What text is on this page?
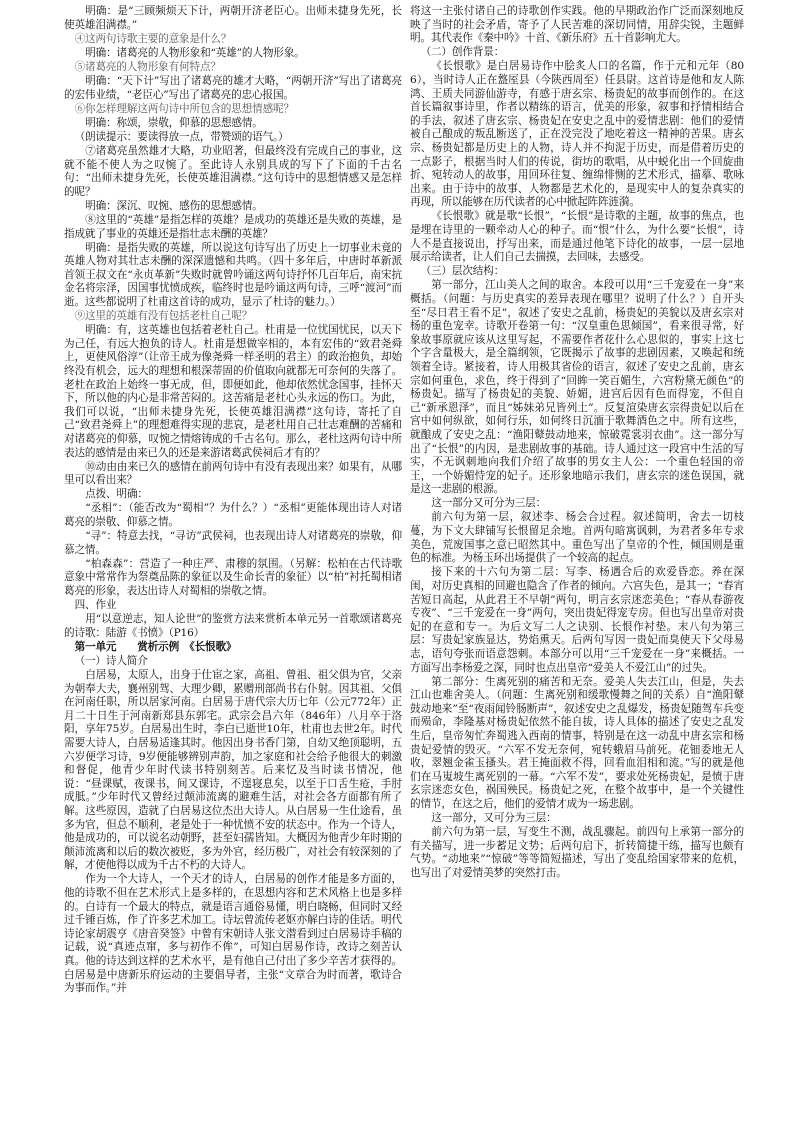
明确：是“三顾频烦天下计，两朝开济老臣心。出师未捷身先死，长使英雄泪满襟。”

④这两句诗歌主要的意象是什么？

明确：诸葛亮的人物形象和“英雄”的人物形象。

⑤诸葛亮的人物形象有何特点？

明确：“天下计”写出了诸葛亮的雄才大略，“两朝开济”写出了诸葛亮的宏伟业绩，“老臣心”写出了诸葛亮的忠心报国。

⑥你怎样理解这两句诗中所包含的思想情感呢？

明确：称颂，崇敬，仰慕的思想感情。

（朗读提示：要读得放一点，带赞颂的语气。）

⑦诸葛亮虽然雄才大略，功业昭著，但最终没有完成自己的事业，这就不能不使人为之叹惋了。至此诗人永别具成的写下了下面的千古名句：“出师未捷身先死，长使英雄泪满襟。”这句诗中的思想情感又是怎样的呢？

明确：深沉、叹惋、感伤的思想感情。

⑧这里的“英雄”是指怎样的英雄？是成功的英雄还是失败的英雄，是指成就了事业的英雄还是指壮志未酬的英雄？

明确：是指失败的英雄，所以说这句诗写出了历史上一切事业未竟的英雄人物对其壮志未酬的深深遗憾和共鸣。（四十多年后，中唐时革新派首领王叔文在“永贞革新”失败时就曾吟诵这两句诗抒怀几百年后，南宋抗金名将宗泽，因国事忧愤成疾，临终时也是吟诵这两句诗，三呼“渡河”而逝。这些都说明了杜甫这首诗的成功，显示了杜诗的魅力。）

⑨这里的英雄有没有包括老杜自己呢？

明确：有，这英雄也包括着老杜自己。杜甫是一位忧国忧民，以天下为己任，有远大抱负的诗人。杜甫是想做宰相的，本有宏伟的“致君尧舜上，更使风俗淳”（让帝王成为像尧舜一样圣明的君主）的政治抱负，却始终没有机会，远大的理想和根深蒂固的价值取向就都无可奈何的失落了。老杜在政治上始终一事无成，但，即便如此，他却依然忧念国事，挂怀天下，所以他的内心是非常苦闷的。这苦痛是老杜心头永远的伤口。为此，我们可以说，“出师未捷身先死，长使英雄泪满襟”这句诗，寄托了自己“致君尧舜上”的理想难得实现的悲哀，是老杜用自己壮志难酬的苦痛和对诸葛亮的仰慕，叹惋之情熔铸成的千古名句。那么，老杜这两句诗中所表达的感情是由来已久的还是来游诸葛武侯祠后才有的？

⑩动由由来已久的感情在前两句诗中有没有表现出来？如果有，从哪里可以看出来？

点拨、明确：

“丞相”：（能否改为“蜀相”？为什么？）“丞相”更能体现出诗人对诸葛亮的崇敬、仰慕之情。

“寻”：特意去找，“寻访”武侯祠，也表现出诗人对诸葛亮的崇敬，仰慕之情。

“柏森森”：营造了一种庄严、肃穆的氛围。（另解：松柏在古代诗歌意象中常常作为祭奠品陈的象征以及生命长青的象征）以“柏”衬托蜀相诸葛亮的形象，表达出诗人对蜀相的崇敬之情。

四、作业

用“以意逆志，知人论世”的鉴赏方法来赏析本单元另一首歌颂诸葛亮的诗歌：陆游《书愤》（P16）

第一单元　　赏析示例　《长恨歌》

（一）诗人简介

白居易，太原人，出身于仕宦之家，高祖、曾祖、祖父俱为官，父亲为朝奉大夫，襄州别驾、大理少卿，累赠刑部尚书右仆射。因其祖、父俱在河南任职，所以居家河南。白居易于唐代宗大历七年（公元772年）正月二十日生于河南新郑县东郭宅。武宗会昌六年（846年）八月卒于洛阳，享年75岁。白居易出生时，李白已逝世10年，杜甫也去世2年。时代需要大诗人，白居易适逢其时。他因出身书香门第，自幼又绝顶聪明，五六岁便学习诗，9岁便能够辨别声韵，加之家庭和社会给予他很大的刺激和督促，他青少年时代读书特别刻苦。后来忆及当时读书情况，他说：“昼课赋，夜课书，间又课诗，不遑寝息矣，以至于口舌生疮，手肘成胝。”少年时代又曾经过颠沛流离的避难生活，对社会各方面都有所了解。这些原因，造就了白居易这位杰出大诗人。从白居易一生仕途看，虽多为官，但总不顺利，老是处于一种忧愤不安的状态中。作为一个诗人，他是成功的，可以说名动朝野，甚至妇孺皆知。大概因为他青少年时期的颠沛流离和以后的数次被贬，多为外官，经历极广，对社会有较深刻的了解，才使他得以成为千古不朽的大诗人。

作为一个大诗人，一个天才的诗人，白居易的创作才能是多方面的，他的诗歌不但在艺术形式上是多样的，在思想内容和艺术风格上也是多样的。白诗有一个最大的特点，就是语言通俗易懂，明白晓畅，但同时又经过千锤百炼，作了许多艺术加工。诗坛曾流传老妪亦解白诗的佳话。明代诗论家胡震亨《唐音癸签》中曾有宋朝诗人张文潜看到过白居易诗手稿的记载，说“真迹点窜，多与初作不侔”，可知白居易作诗，改诗之刻苦认真。他的诗达到这样的艺术水平，是有他自己付出了多少辛苦才获得的。白居易是中唐新乐府运动的主要倡导者，主张“文章合为时而著，歌诗合为事而作。”并

将这一主张付诸自己的诗歌创作实践。他的早期政治作广泛而深刻地反映了当时的社会矛盾，寄予了人民苦难的深切同情，用辞尖锐，主题鲜明。其代表作《秦中吟》十首、《新乐府》五十首影响尤大。

（二）创作背景：

《长恨歌》是白居易诗作中脍炙人口的名篇，作于元和元年（806），当时诗人正在盩厔县（今陕西周至）任县尉。这首诗是他和友人陈鸿、王质夫同游仙游寺，有感于唐玄宗、杨贵妃的故事而创作的。在这首长篇叙事诗里，作者以精练的语言，优美的形象，叙事和抒情相结合的手法，叙述了唐玄宗、杨贵妃在安史之乱中的爱情悲剧：他们的爱情被自己酿成的叛乱断送了，正在没完没了地吃着这一精神的苦果。唐玄宗、杨贵妃都是历史上的人物，诗人并不拘泥于历史，而是借着历史的一点影子，根据当时人们的传说，街坊的歌唱，从中蜕化出一个回旋曲折、宛转动人的故事，用回环往复、缠绵悱恻的艺术形式，描摹、歌咏出来。由于诗中的故事、人物都是艺术化的，是现实中人的复杂真实的再现，所以能够在历代读者的心中掀起阵阵涟漪。

《长恨歌》就是歌“长恨”，“长恨”是诗歌的主题，故事的焦点，也是埋在诗里的一颗牵动人心的种子。而“恨”什么，为什么要“长恨”，诗人不是直接说出，抒写出来，而是通过他笔下诗化的故事，一层一层地展示给读者，让人们自己去揣摸，去回味，去感受。

（三）层次结构：

第一部分，江山美人之间的取舍。本段可以用“三千宠爱在一身”来概括。（问题：与历史真实的差异表现在哪里？说明了什么？）自开头至“尽日君王看不足”，叙述了安史之乱前，杨贵妃的美貌以及唐玄宗对杨的重色宠幸。诗歌开卷第一句：“汉皇重色思倾国”，看来很寻常，好象故事原就应该从这里写起，不需要作者花什么心思似的，事实上这七个字含量极大，是全篇纲领，它既揭示了故事的悲剧因素，又唤起和统领着全诗。紧接着，诗人用极其省俭的语言，叙述了安史之乱前，唐玄宗如何重色，求色，终于得到了“回眸一笑百媚生，六宫粉黛无颜色”的杨贵妃。描写了杨贵妃的美貌、娇媚，进宫后因有色而得宠，不但自己“新承恩泽”，而且“姊妹弟兄皆列土”。反复渲染唐玄宗得贵妃以后在宫中如何纵欲，如何行乐，如何终日沉湎于歌舞酒色之中。所有这些，就酿成了安史之乱：“渔阳鼙鼓动地来，惊破霓裳羽衣曲”。这一部分写出了“长恨”的内因，是悲剧故事的基础。诗人通过这一段宫中生活的写实，不无讽刺地向我们介绍了故事的男女主人公：一个重色轻国的帝王，一个娇媚恃宠的妃子。还形象地暗示我们，唐玄宗的迷色误国，就是这一悲剧的根源。

这一部分又可分为三层：

前六句为第一层，叙述李、杨会合过程。叙述简明，舍去一切枝蔓，为下文大肆铺写长恨留足余地。首两句暗寓讽刺，为君者多年专求美色，荒废国事之意已昭然其中。重色写出了皇帝的个性，倾国则是重色的标准。为杨玉环出场提供了一个较高的起点。

接下来的十六句为第二层：写李、杨遇合后的欢爱昏恋。养在深闺，对历史真相的回避也隐含了作者的倾向。六宫失色，是其一；“春宵苦短日高起，从此君王不早朝”两句，明言玄宗迷恋美色；“春从春游夜专夜”、“三千宠爱在一身”两句，突出贵妃得宠专房。但也写出皇帝对贵妃的在意和专一。为后文写二人之诀别、长恨作衬垫。末八句为第三层：写贵妃家族显达，势焰熏天。后两句写因一贵妃而臭使天下父母易志，语句夸张而语意怨刺。本部分可以用“三千宠爱在一身”来概括。一方面写出李杨爱之深，同时也点出皇帝“爱美人不爱江山”的过失。

第二部分：生离死别的痛苦和无奈。爱美人失去江山，但是，失去江山也难舍美人。（问题：生离死别和缓歌慢舞之间的关系）自“渔阳鼙鼓动地来”至“夜雨闻铃肠断声”，叙述安史之乱爆发，杨贵妃随驾车兵变而殒命，李隆基对杨贵妃依然不能自拔，诗人具体的描述了安史之乱发生后，皇帝匆忙奔蜀逃入西南的情事，特别是在这一动乱中唐玄宗和杨贵妃爱情的毁灭。“六军不发无奈何，宛转蛾眉马前死。花钿委地无人收，翠翘金雀玉搔头。君王掩面救不得，回看血泪相和流。”写的就是他们在马嵬坡生离死别的一幕。“六军不发”，要求处死杨贵妃，是愤于唐玄宗迷恋女色，祸国殃民。杨贵妃之死，在整个故事中，是一个关键性的情节，在这之后，他们的爱情才成为一场悲剧。

这一部分，又可分为三层：

前六句为第一层，写变生不测，战乱骤起。前四句上承第一部分的有关描写，进一步蓄足文势；后两句启下，折转简捷干练，描写也颇有气势。“动地来”“惊破”等等简短描述，写出了变乱给国家带来的危机，也写出了对爱情美梦的突然打击。
